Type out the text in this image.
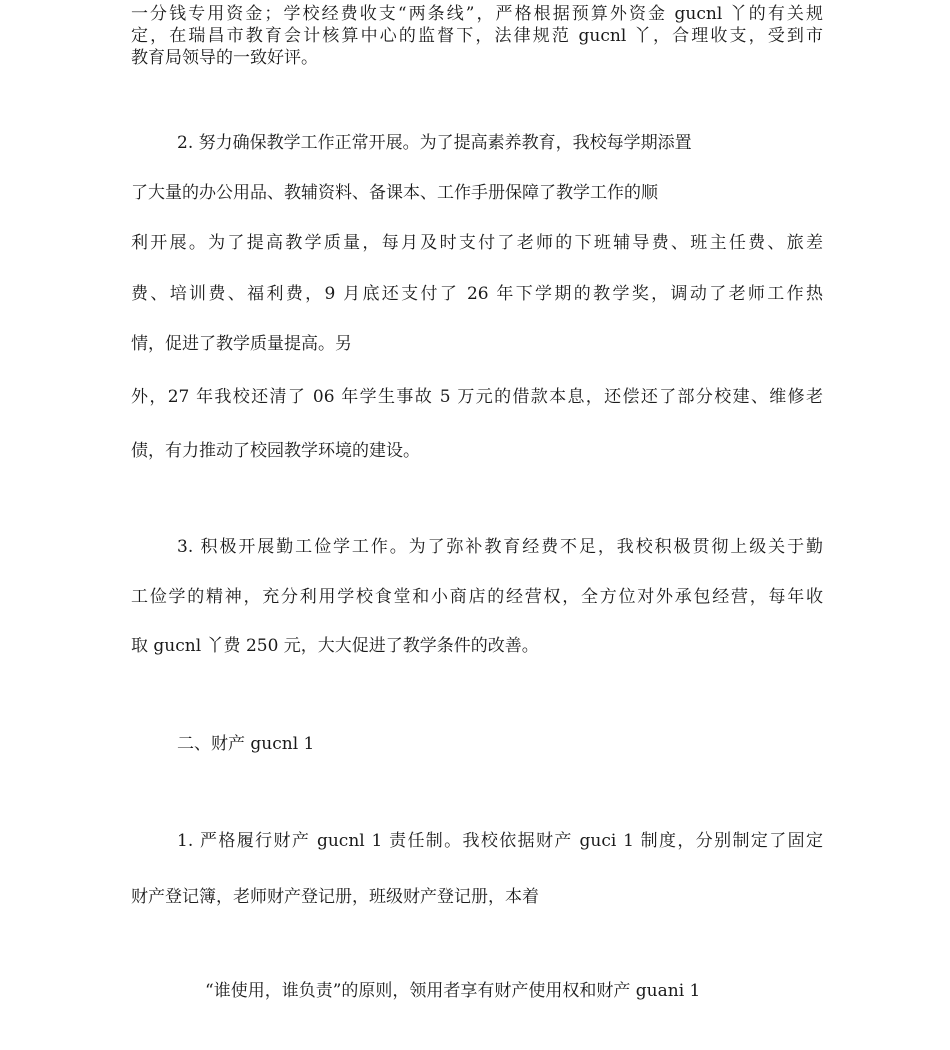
一分钱专用资金；学校经费收支“两条线”，严格根据预算外资金 gucnl 丫的有关规
定，在瑞昌市教育会计核算中心的监督下，法律规范 gucnl 丫，合理收支，受到市
教育局领导的一致好评。
2. 努力确保教学工作正常开展。为了提高素养教育，我校每学期添置
了大量的办公用品、教辅资料、备课本、工作手册保障了教学工作的顺
利开展。为了提高教学质量，每月及时支付了老师的下班辅导费、班主任费、旅差
费、培训费、福利费，9 月底还支付了 26 年下学期的教学奖，调动了老师工作热
情，促进了教学质量提高。另
外，27 年我校还清了 06 年学生事故 5 万元的借款本息，还偿还了部分校建、维修老
债，有力推动了校园教学环境的建设。
3. 积极开展勤工俭学工作。为了弥补教育经费不足，我校积极贯彻上级关于勤
工俭学的精神，充分利用学校食堂和小商店的经营权，全方位对外承包经营，每年收
取 gucnl 丫费 250 元，大大促进了教学条件的改善。
二、财产 gucnl 1
1. 严格履行财产 gucnl 1 责任制。我校依据财产 guci 1 制度，分别制定了固定
财产登记簿，老师财产登记册，班级财产登记册，本着
“谁使用，谁负责”的原则，领用者享有财产使用权和财产 guani 1
